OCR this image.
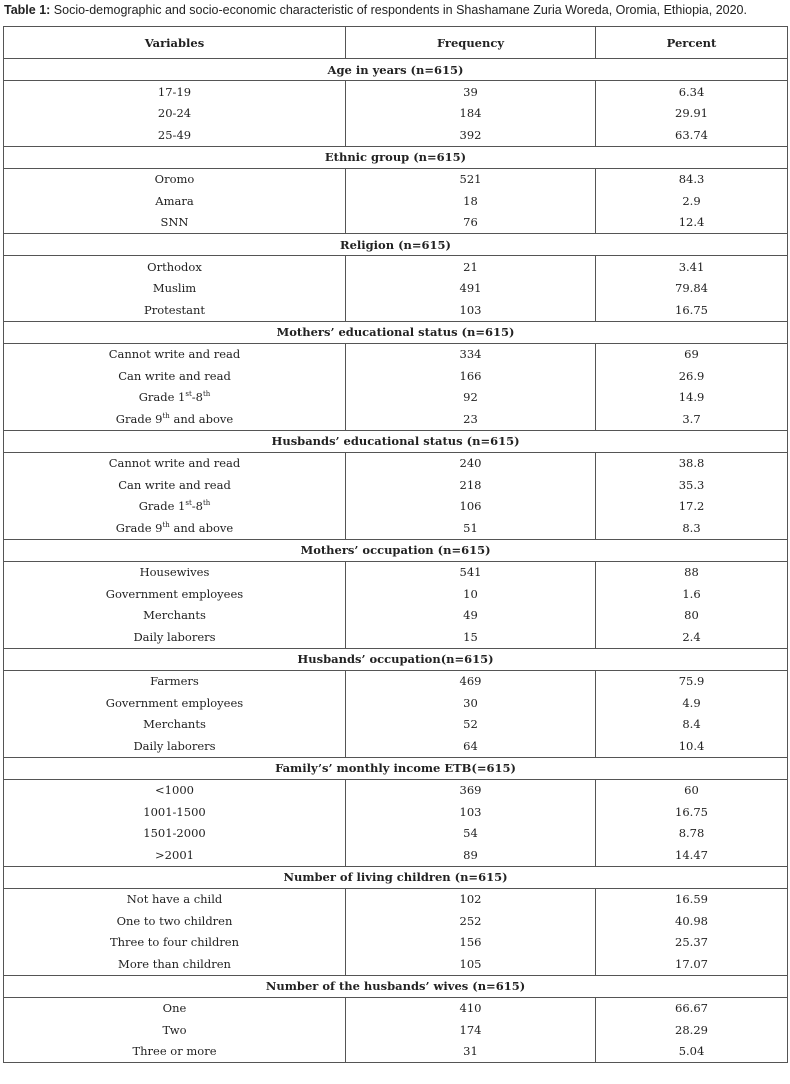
Table 1: Socio-demographic and socio-economic characteristic of respondents in Shashamane Zuria Woreda, Oromia, Ethiopia, 2020.
Variables	Frequency	Percent
Age in years (n=615)		
17-19	39	6.34
20-24	184	29.91
25-49	392	63.74
Ethnic group (n=615)		
Oromo	521	84.3
Amara	18	2.9
SNN	76	12.4
Religion (n=615)		
Orthodox	21	3.41
Muslim	491	79.84
Protestant	103	16.75
Mothers’ educational status (n=615)		
Cannot write and read	334	69
Can write and read	166	26.9
Grade 1st-8th	92	14.9
Grade 9th and above	23	3.7
Husbands’ educational status (n=615)		
Cannot write and read	240	38.8
Can write and read	218	35.3
Grade 1st-8th	106	17.2
Grade 9th and above	51	8.3
Mothers’ occupation (n=615)		
Housewives	541	88
Government employees	10	1.6
Merchants	49	80
Daily laborers	15	2.4
Husbands’ occupation(n=615)		
Farmers	469	75.9
Government employees	30	4.9
Merchants	52	8.4
Daily laborers	64	10.4
Family’s’ monthly income ETB(=615)		
<1000	369	60
1001-1500	103	16.75
1501-2000	54	8.78
>2001	89	14.47
Number of living children (n=615)		
Not have a child	102	16.59
One to two children	252	40.98
Three to four children	156	25.37
More than children	105	17.07
Number of the husbands’ wives (n=615)		
One	410	66.67
Two	174	28.29
Three or more	31	5.04
